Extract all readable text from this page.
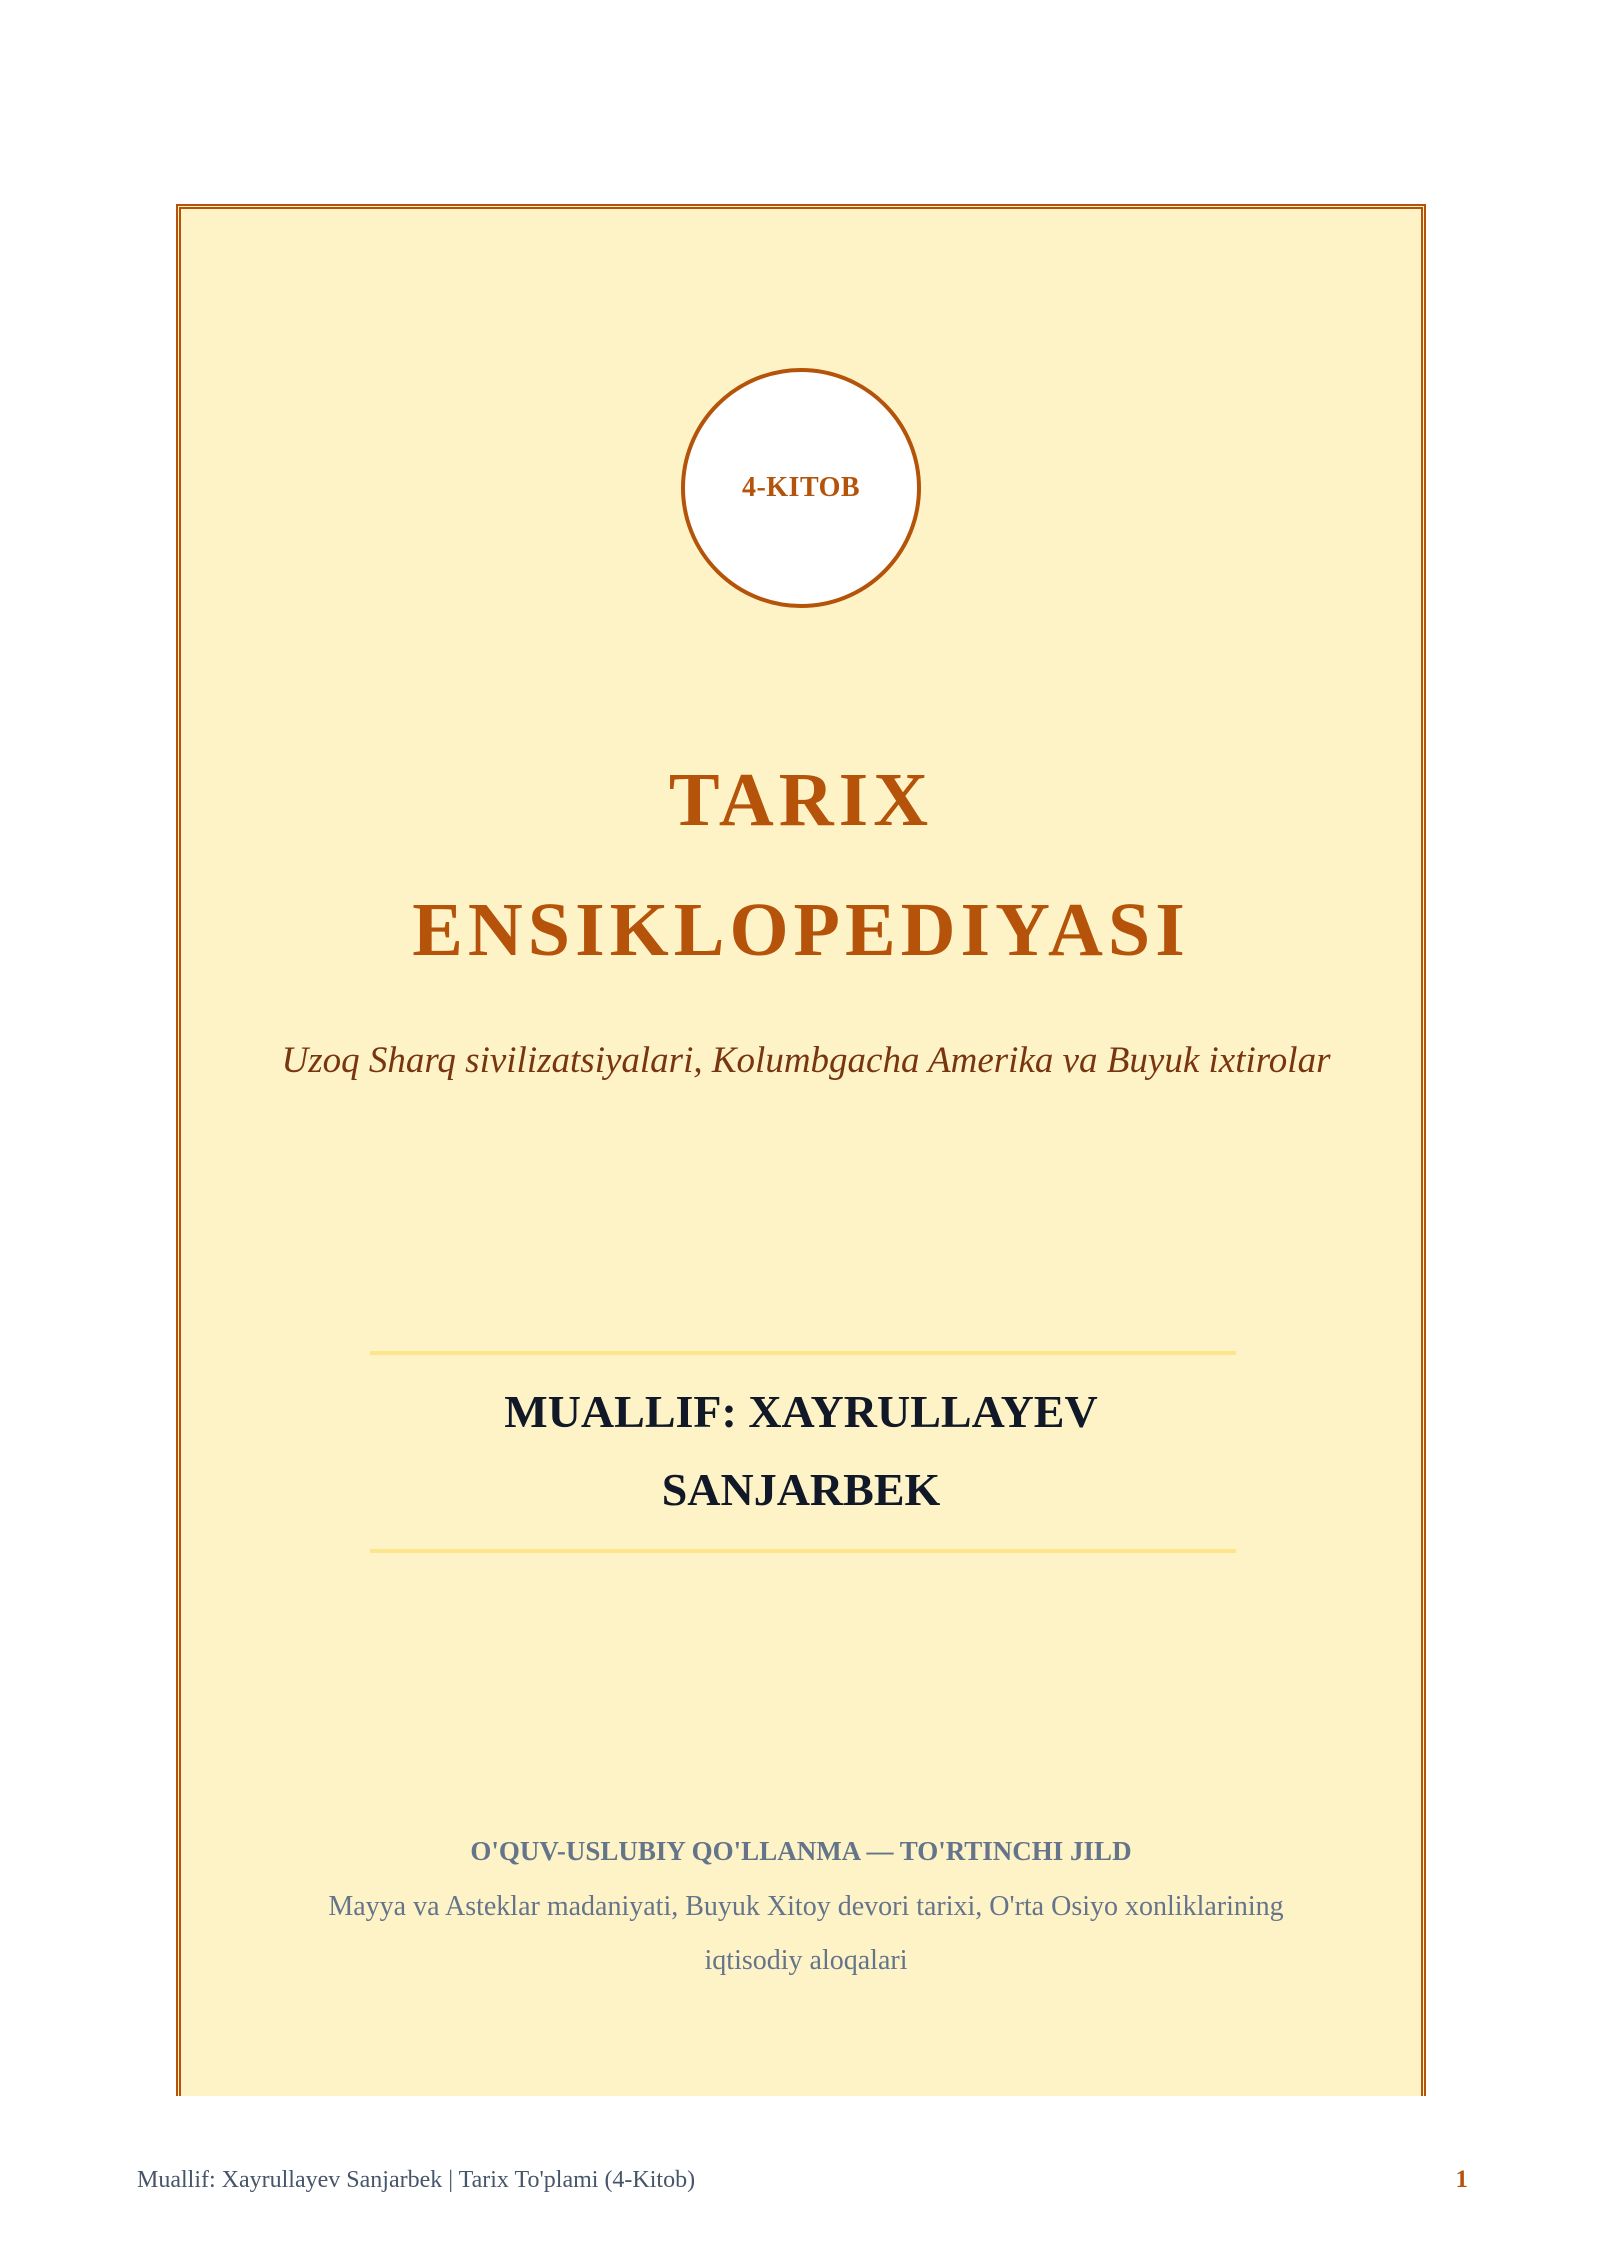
4-KITOB
TARIX
ENSIKLOPEDIYASI
Uzoq Sharq sivilizatsiyalari, Kolumbgacha Amerika va Buyuk ixtirolar
MUALLIF: XAYRULLAYEV
SANJARBEK
O'QUV-USLUBIY QO'LLANMA — TO'RTINCHI JILD
Mayya va Asteklar madaniyati, Buyuk Xitoy devori tarixi, O'rta Osiyo xonliklarining iqtisodiy aloqalari
Muallif: Xayrullayev Sanjarbek | Tarix To'plami (4-Kitob)	1
